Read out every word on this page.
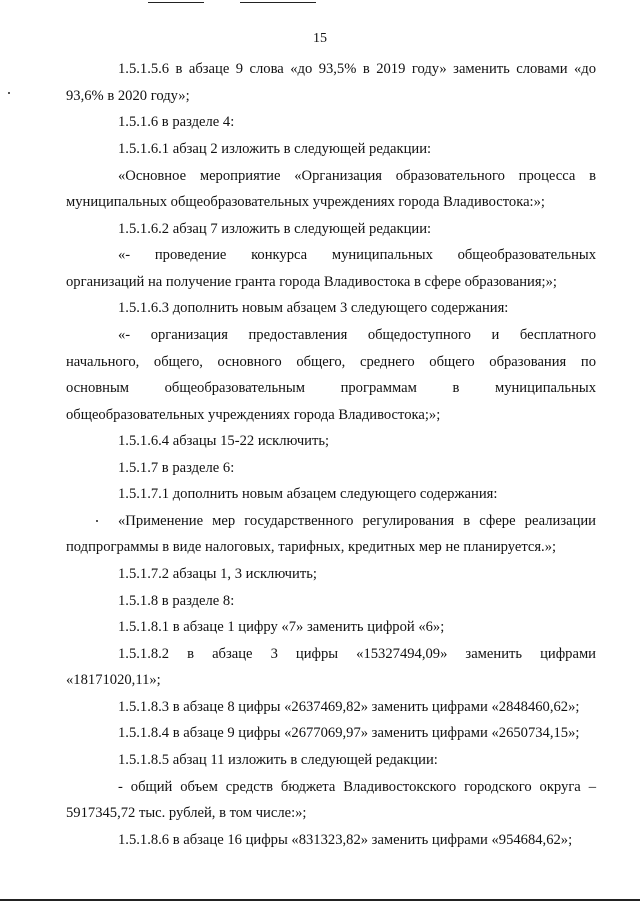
15
1.5.1.5.6 в абзаце 9 слова «до 93,5% в 2019 году» заменить словами «до
93,6% в 2020 году»;
1.5.1.6 в разделе 4:
1.5.1.6.1 абзац 2 изложить в следующей редакции:
«Основное мероприятие «Организация образовательного процесса в
муниципальных общеобразовательных учреждениях города Владивостока:»;
1.5.1.6.2 абзац 7 изложить в следующей редакции:
«- проведение конкурса муниципальных общеобразовательных
организаций на получение гранта города Владивостока в сфере образования;»;
1.5.1.6.3 дополнить новым абзацем 3 следующего содержания:
«- организация предоставления общедоступного и бесплатного
начального, общего, основного общего, среднего общего образования по
основным общеобразовательным программам в муниципальных
общеобразовательных учреждениях города Владивостока;»;
1.5.1.6.4 абзацы 15-22 исключить;
1.5.1.7 в разделе 6:
1.5.1.7.1 дополнить новым абзацем следующего содержания:
«Применение мер государственного регулирования в сфере реализации
подпрограммы в виде налоговых, тарифных, кредитных мер не планируется.»;
1.5.1.7.2 абзацы 1, 3 исключить;
1.5.1.8 в разделе 8:
1.5.1.8.1 в абзаце 1 цифру «7» заменить цифрой «6»;
1.5.1.8.2 в абзаце 3 цифры «15327494,09» заменить цифрами
«18171020,11»;
1.5.1.8.3 в абзаце 8 цифры «2637469,82» заменить цифрами «2848460,62»;
1.5.1.8.4 в абзаце 9 цифры «2677069,97» заменить цифрами «2650734,15»;
1.5.1.8.5 абзац 11 изложить в следующей редакции:
- общий объем средств бюджета Владивостокского городского округа –
5917345,72 тыс. рублей, в том числе:»;
1.5.1.8.6 в абзаце 16 цифры «831323,82» заменить цифрами «954684,62»;
